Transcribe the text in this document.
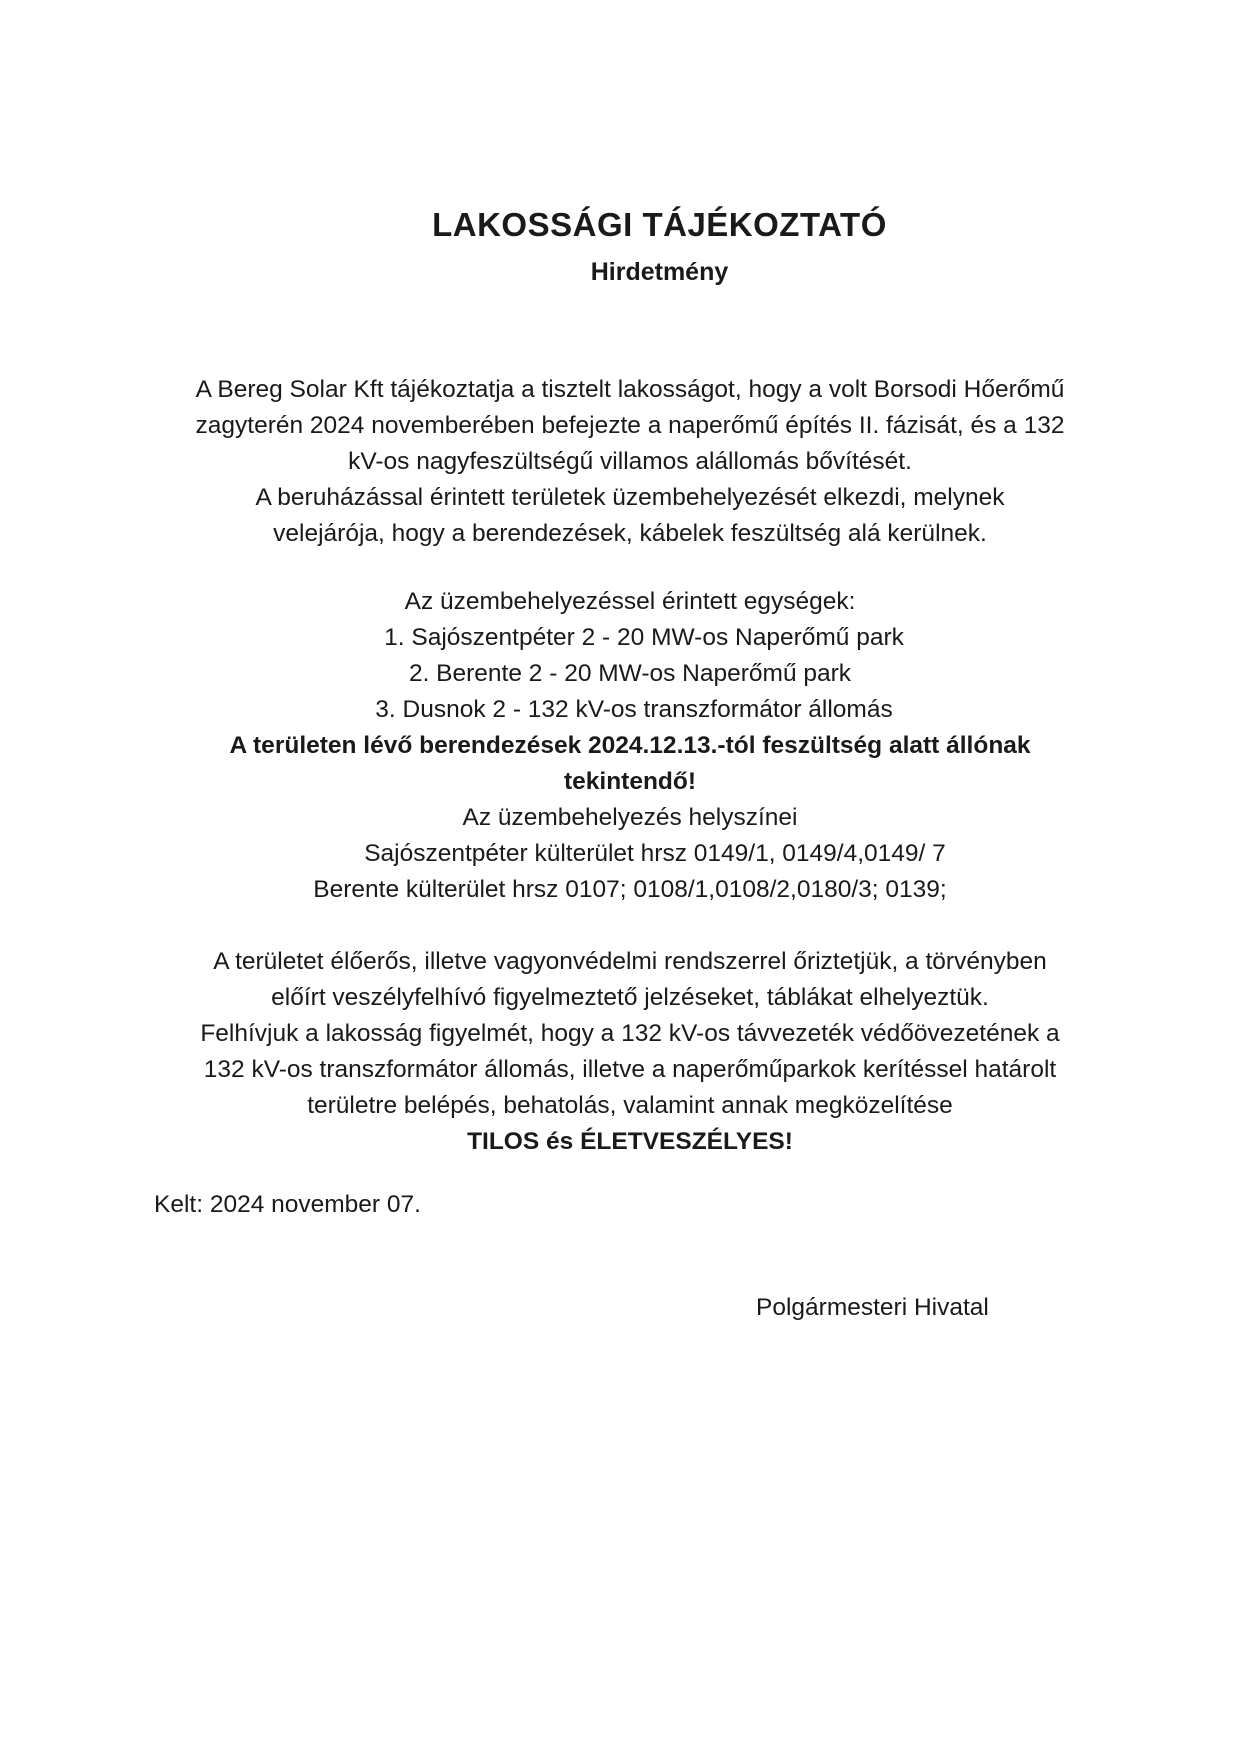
LAKOSSÁGI TÁJÉKOZTATÓ
Hirdetmény

A Bereg Solar Kft tájékoztatja a tisztelt lakosságot, hogy a volt Borsodi Hőerőmű

zagyterén 2024 novemberében befejezte a naperőmű építés II. fázisát, és a 132

kV-os nagyfeszültségű villamos alállomás bővítését.

A beruházással érintett területek üzembehelyezését elkezdi, melynek

velejárója, hogy a berendezések, kábelek feszültség alá kerülnek.

Az üzembehelyezéssel érintett egységek:

1. Sajószentpéter 2 - 20 MW-os Naperőmű park

2. Berente 2 - 20 MW-os Naperőmű park

3. Dusnok 2 - 132 kV-os transzformátor állomás

A területen lévő berendezések 2024.12.13.-tól feszültség alatt állónak

tekintendő!

Az üzembehelyezés helyszínei

Sajószentpéter külterület hrsz 0149/1, 0149/4,0149/ 7

Berente külterület hrsz 0107; 0108/1,0108/2,0180/3; 0139;

A területet élőerős, illetve vagyonvédelmi rendszerrel őriztetjük, a törvényben

előírt veszélyfelhívó figyelmeztető jelzéseket, táblákat elhelyeztük.

Felhívjuk a lakosság figyelmét, hogy a 132 kV-os távvezeték védőövezetének a

132 kV-os transzformátor állomás, illetve a naperőműparkok kerítéssel határolt

területre belépés, behatolás, valamint annak megközelítése

TILOS és ÉLETVESZÉLYES!

Kelt: 2024 november 07.
Polgármesteri Hivatal
